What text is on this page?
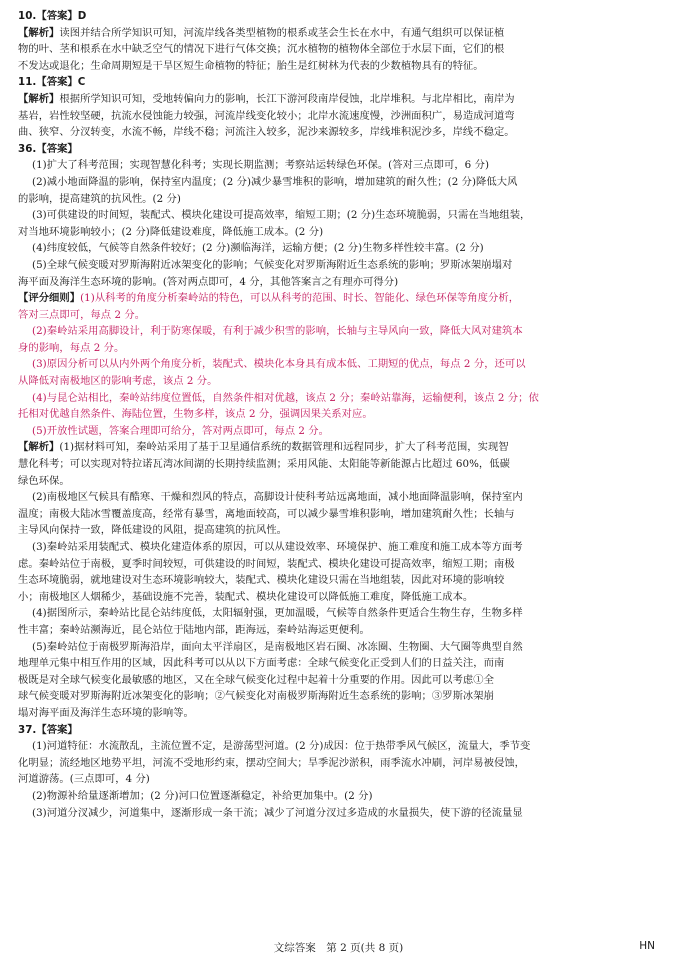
10.【答案】D
【解析】读图并结合所学知识可知，河流岸线各类型植物的根系或茎会生长在水中，有通气组织可以保证植
物的叶、茎和根系在水中缺乏空气的情况下进行气体交换；沉水植物的植物体全部位于水层下面，它们的根
不发达或退化；生命周期短是干旱区短生命植物的特征；胎生是红树林为代表的少数植物具有的特征。
11.【答案】C
【解析】根据所学知识可知，受地转偏向力的影响，长江下游河段南岸侵蚀，北岸堆积。与北岸相比，南岸为
基岩，岩性较坚硬，抗流水侵蚀能力较强，河流岸线变化较小；北岸水流速度慢，沙洲面积广，易造成河道弯
曲、狭窄、分汊转变，水流不畅，岸线不稳；河流注入较多，泥沙来源较多，岸线堆积泥沙多，岸线不稳定。
36.【答案】
(1)扩大了科考范围；实现智慧化科考；实现长期监测；考察站运转绿色环保。(答对三点即可，6 分)
(2)减小地面降温的影响，保持室内温度；(2 分)减少暴雪堆积的影响，增加建筑的耐久性；(2 分)降低大风
的影响，提高建筑的抗风性。(2 分)
(3)可供建设的时间短，装配式、模块化建设可提高效率，缩短工期；(2 分)生态环境脆弱，只需在当地组装，
对当地环境影响较小；(2 分)降低建设难度，降低施工成本。(2 分)
(4)纬度较低，气候等自然条件较好；(2 分)濒临海洋，运输方便；(2 分)生物多样性较丰富。(2 分)
(5)全球气候变暖对罗斯海附近冰架变化的影响；气候变化对罗斯海附近生态系统的影响；罗斯冰架崩塌对
海平面及海洋生态环境的影响。(答对两点即可，4 分，其他答案言之有理亦可得分)
【评分细则】(1)从科考的角度分析秦岭站的特色，可以从科考的范围、时长、智能化、绿色环保等角度分析，
答对三点即可，每点 2 分。
(2)秦岭站采用高脚设计，利于防寒保暖，有利于减少积雪的影响，长轴与主导风向一致，降低大风对建筑本
身的影响，每点 2 分。
(3)原因分析可以从内外两个角度分析，装配式、模块化本身具有成本低、工期短的优点，每点 2 分，还可以
从降低对南极地区的影响考虑，该点 2 分。
(4)与昆仑站相比，秦岭站纬度位置低，自然条件相对优越，该点 2 分；秦岭站靠海，运输便利，该点 2 分；依
托相对优越自然条件、海陆位置，生物多样，该点 2 分，强调因果关系对应。
(5)开放性试题，答案合理即可给分，答对两点即可，每点 2 分。
【解析】(1)据材料可知，秦岭站采用了基于卫星通信系统的数据管理和远程同步，扩大了科考范围，实现智
慧化科考；可以实现对特拉诺瓦湾冰间湖的长期持续监测；采用风能、太阳能等新能源占比超过 60%，低碳
绿色环保。
(2)南极地区气候具有酷寒、干燥和烈风的特点，高脚设计使科考站远离地面，减小地面降温影响，保持室内
温度；南极大陆冰雪覆盖度高，经常有暴雪，离地面较高，可以减少暴雪堆积影响，增加建筑耐久性；长轴与
主导风向保持一致，降低建设的风阻，提高建筑的抗风性。
(3)秦岭站采用装配式、模块化建造体系的原因，可以从建设效率、环境保护、施工难度和施工成本等方面考
虑。秦岭站位于南极，夏季时间较短，可供建设的时间短，装配式、模块化建设可提高效率，缩短工期；南极
生态环境脆弱，就地建设对生态环境影响较大，装配式、模块化建设只需在当地组装，因此对环境的影响较
小；南极地区人烟稀少，基础设施不完善，装配式、模块化建设可以降低施工难度，降低施工成本。
(4)据图所示，秦岭站比昆仑站纬度低，太阳辐射强，更加温暖，气候等自然条件更适合生物生存，生物多样
性丰富；秦岭站濒海近，昆仑站位于陆地内部，距海远，秦岭站海运更便利。
(5)秦岭站位于南极罗斯海沿岸，面向太平洋扇区，是南极地区岩石圈、冰冻圈、生物圈、大气圈等典型自然
地理单元集中相互作用的区域，因此科考可以从以下方面考虑：全球气候变化正受到人们的日益关注，而南
极既是对全球气候变化最敏感的地区，又在全球气候变化过程中起着十分重要的作用。因此可以考虑①全
球气候变暖对罗斯海附近冰架变化的影响；②气候变化对南极罗斯海附近生态系统的影响；③罗斯冰架崩
塌对海平面及海洋生态环境的影响等。
37.【答案】
(1)河道特征：水流散乱，主流位置不定，是游荡型河道。(2 分)成因：位于热带季风气候区，流量大，季节变
化明显；流经地区地势平坦，河流不受地形约束，摆动空间大；旱季泥沙淤积，雨季流水冲刷，河岸易被侵蚀，
河道游荡。(三点即可，4 分)
(2)物源补给量逐渐增加；(2 分)河口位置逐渐稳定，补给更加集中。(2 分)
(3)河道分汊减少，河道集中，逐渐形成一条干流；减少了河道分汊过多造成的水量损失，使下游的径流量显
文综答案　第 2 页(共 8 页)	HN
